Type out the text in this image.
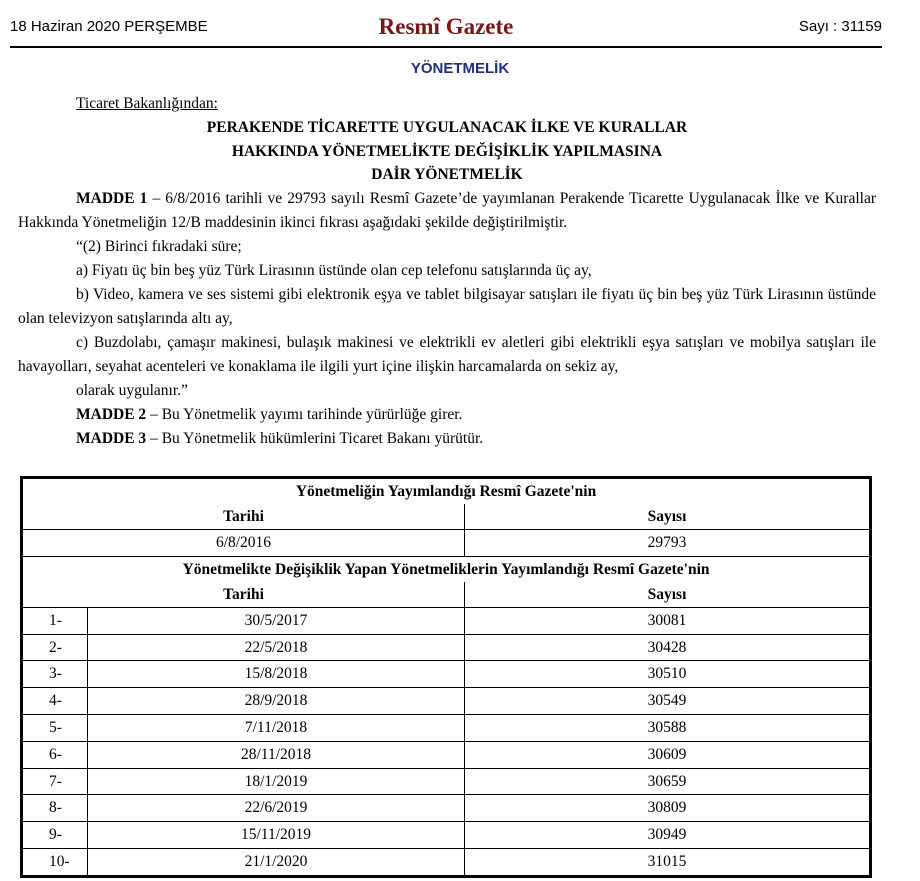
18 Haziran 2020 PERŞEMBE	Resmî Gazete	Sayı : 31159
YÖNETMELİK

Ticaret Bakanlığından:

PERAKENDE TİCARETTE UYGULANACAK İLKE VE KURALLAR
HAKKINDA YÖNETMELİKTE DEĞİŞİKLİK YAPILMASINA
DAİR YÖNETMELİK

MADDE 1 – 6/8/2016 tarihli ve 29793 sayılı Resmî Gazete’de yayımlanan Perakende Ticarette Uygulanacak İlke ve Kurallar Hakkında Yönetmeliğin 12/B maddesinin ikinci fıkrası aşağıdaki şekilde değiştirilmiştir.

“(2) Birinci fıkradaki süre;

a) Fiyatı üç bin beş yüz Türk Lirasının üstünde olan cep telefonu satışlarında üç ay,

b) Video, kamera ve ses sistemi gibi elektronik eşya ve tablet bilgisayar satışları ile fiyatı üç bin beş yüz Türk Lirasının üstünde olan televizyon satışlarında altı ay,

c) Buzdolabı, çamaşır makinesi, bulaşık makinesi ve elektrikli ev aletleri gibi elektrikli eşya satışları ve mobilya satışları ile havayolları, seyahat acenteleri ve konaklama ile ilgili yurt içine ilişkin harcamalarda on sekiz ay,

olarak uygulanır.”

MADDE 2 – Bu Yönetmelik yayımı tarihinde yürürlüğe girer.

MADDE 3 – Bu Yönetmelik hükümlerini Ticaret Bakanı yürütür.

Yönetmeliğin Yayımlandığı Resmî Gazete'nin		
Tarihi		Sayısı
6/8/2016		29793
Yönetmelikte Değişiklik Yapan Yönetmeliklerin Yayımlandığı Resmî Gazete'nin		
Tarihi		Sayısı
1-	30/5/2017	30081
2-	22/5/2018	30428
3-	15/8/2018	30510
4-	28/9/2018	30549
5-	7/11/2018	30588
6-	28/11/2018	30609
7-	18/1/2019	30659
8-	22/6/2019	30809
9-	15/11/2019	30949
10-	21/1/2020	31015
